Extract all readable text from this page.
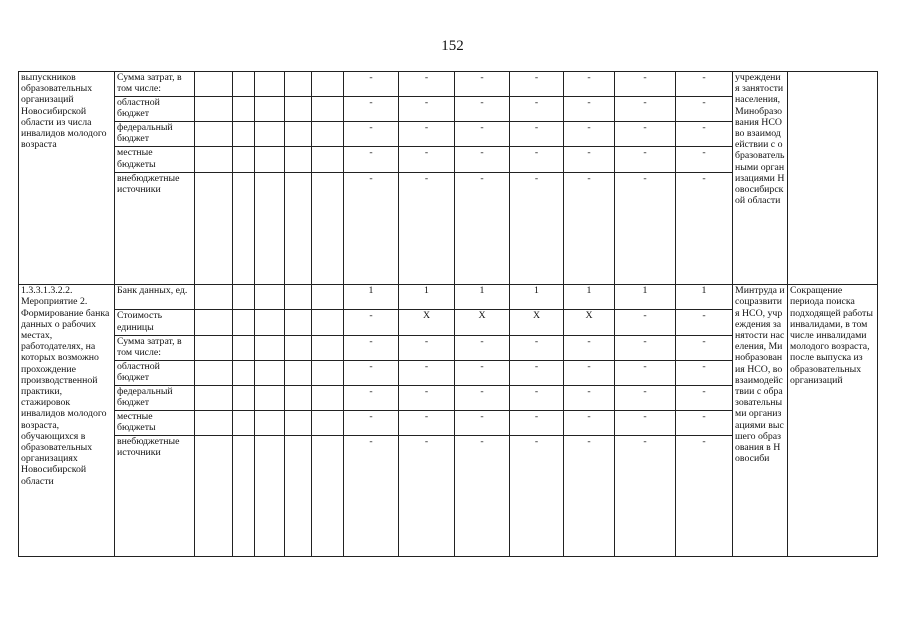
152
выпускников образовательных организаций Новосибирской области из числа инвалидов молодого возраста	Сумма затрат, в том числе:						-	-	-	-	-	-	-	учреждения занятости населения, Минобразования НСО во взаимодействии с образовательными организациями Новосибирской области	
	областной бюджет						-	-	-	-	-	-	-		
	федеральный бюджет						-	-	-	-	-	-	-		
	местные бюджеты						-	-	-	-	-	-	-		
	внебюджетные источники						-	-	-	-	-	-	-		

1.3.3.1.3.2.2. Мероприятие 2. Формирование банка данных о рабочих местах, работодателях, на которых возможно прохождение производственной практики, стажировок инвалидов молодого возраста, обучающихся в образовательных организациях Новосибирской области	Банк данных, ед.						1	1	1	1	1	1	1	Минтруда и соцразвития НСО, учреждения занятости населения, Минобразования НСО, во взаимодействии с образовательными организациями высшего образования в Новосиби	Сокращение периода поиска подходящей работы инвалидами, в том числе инвалидами молодого возраста, после выпуска из образовательных организаций
	Стоимость единицы						-	X	X	X	X	-	-		
	Сумма затрат, в том числе:						-	-	-	-	-	-	-		
	областной бюджет						-	-	-	-	-	-	-		
	федеральный бюджет						-	-	-	-	-	-	-		
	местные бюджеты						-	-	-	-	-	-	-		
	внебюджетные источники						-	-	-	-	-	-	-		
